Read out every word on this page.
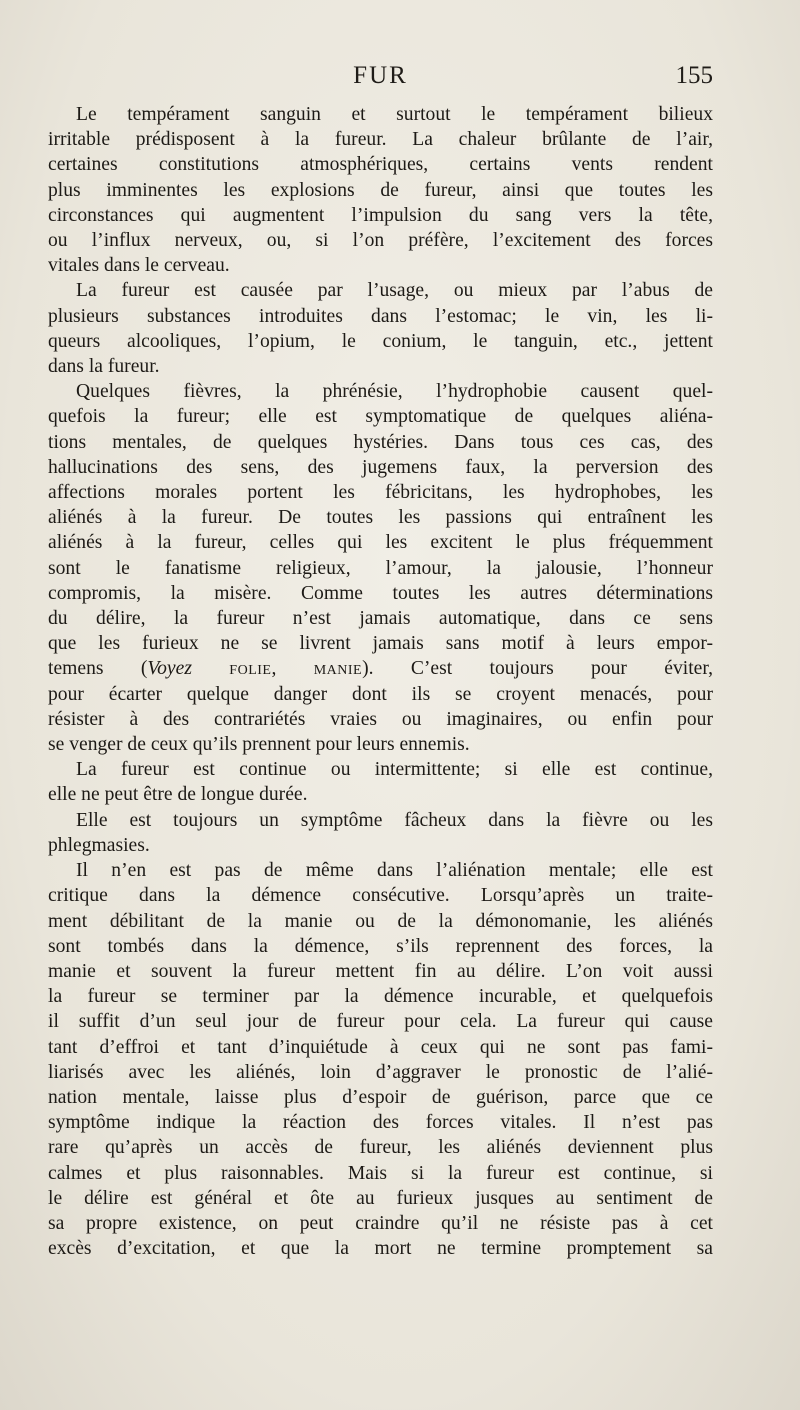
FUR	155

Le tempérament sanguin et surtout le tempérament bilieux
irritable prédisposent à la fureur. La chaleur brûlante de l’air,
certaines constitutions atmosphériques, certains vents rendent
plus imminentes les explosions de fureur, ainsi que toutes les
circonstances qui augmentent l’impulsion du sang vers la tête,
ou l’influx nerveux, ou, si l’on préfère, l’excitement des forces
vitales dans le cerveau.

La fureur est causée par l’usage, ou mieux par l’abus de
plusieurs substances introduites dans l’estomac; le vin, les li-
queurs alcooliques, l’opium, le conium, le tanguin, etc., jettent
dans la fureur.

Quelques fièvres, la phrénésie, l’hydrophobie causent quel-
quefois la fureur; elle est symptomatique de quelques aliéna-
tions mentales, de quelques hystéries. Dans tous ces cas, des
hallucinations des sens, des jugemens faux, la perversion des
affections morales portent les fébricitans, les hydrophobes, les
aliénés à la fureur. De toutes les passions qui entraînent les
aliénés à la fureur, celles qui les excitent le plus fréquemment
sont le fanatisme religieux, l’amour, la jalousie, l’honneur
compromis, la misère. Comme toutes les autres déterminations
du délire, la fureur n’est jamais automatique, dans ce sens
que les furieux ne se livrent jamais sans motif à leurs empor-
temens (Voyez folie, manie). C’est toujours pour éviter,
pour écarter quelque danger dont ils se croyent menacés, pour
résister à des contrariétés vraies ou imaginaires, ou enfin pour
se venger de ceux qu’ils prennent pour leurs ennemis.

La fureur est continue ou intermittente; si elle est continue,
elle ne peut être de longue durée.

Elle est toujours un symptôme fâcheux dans la fièvre ou les
phlegmasies.

Il n’en est pas de même dans l’aliénation mentale; elle est
critique dans la démence consécutive. Lorsqu’après un traite-
ment débilitant de la manie ou de la démonomanie, les aliénés
sont tombés dans la démence, s’ils reprennent des forces, la
manie et souvent la fureur mettent fin au délire. L’on voit aussi
la fureur se terminer par la démence incurable, et quelquefois
il suffit d’un seul jour de fureur pour cela. La fureur qui cause
tant d’effroi et tant d’inquiétude à ceux qui ne sont pas fami-
liarisés avec les aliénés, loin d’aggraver le pronostic de l’alié-
nation mentale, laisse plus d’espoir de guérison, parce que ce
symptôme indique la réaction des forces vitales. Il n’est pas
rare qu’après un accès de fureur, les aliénés deviennent plus
calmes et plus raisonnables. Mais si la fureur est continue, si
le délire est général et ôte au furieux jusques au sentiment de
sa propre existence, on peut craindre qu’il ne résiste pas à cet
excès d’excitation, et que la mort ne termine promptement sa
